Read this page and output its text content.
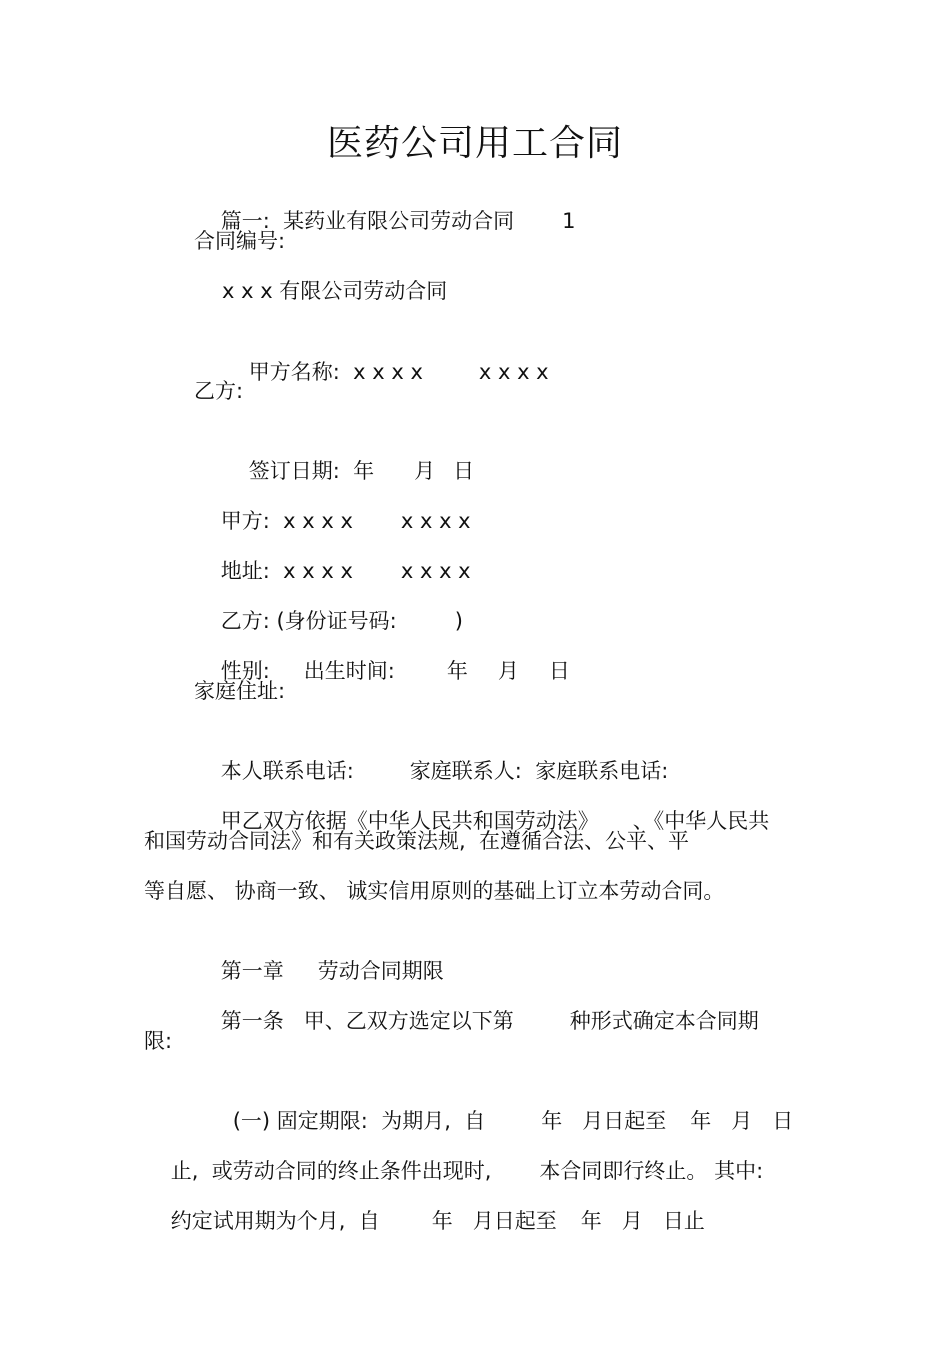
医药公司用工合同

篇一:  某药业有限公司劳动合同 1

合同编号:
x x x 有限公司劳动合同

甲方名称:  x x x x	x x x x

乙方:

签订日期:  年 月 日

甲方:  x x x x x x x x

地址:  x x x x x x x x

乙方: (身份证号码:	)

性别: 出生时间: 年 月 日

家庭住址:

本人联系电话:	家庭联系人:  家庭联系电话:

甲乙双方依据《中华人民共和国劳动法》 、《中华人民共

和国劳动合同法》和有关政策法规,  在遵循合法、公平、平
等自愿、 协商一致、 诚实信用原则的基础上订立本劳动合同。

第一章 劳动合同期限

第一条 甲、乙双方选定以下第	种形式确定本合同期

限:

(一) 固定期限:  为期月,  自	年   月日起至 年   月   日

止,  或劳动合同的终止条件出现时, 本合同即行终止。 其中:

约定试用期为个月,  自 年   月日起至 年   月   日止
